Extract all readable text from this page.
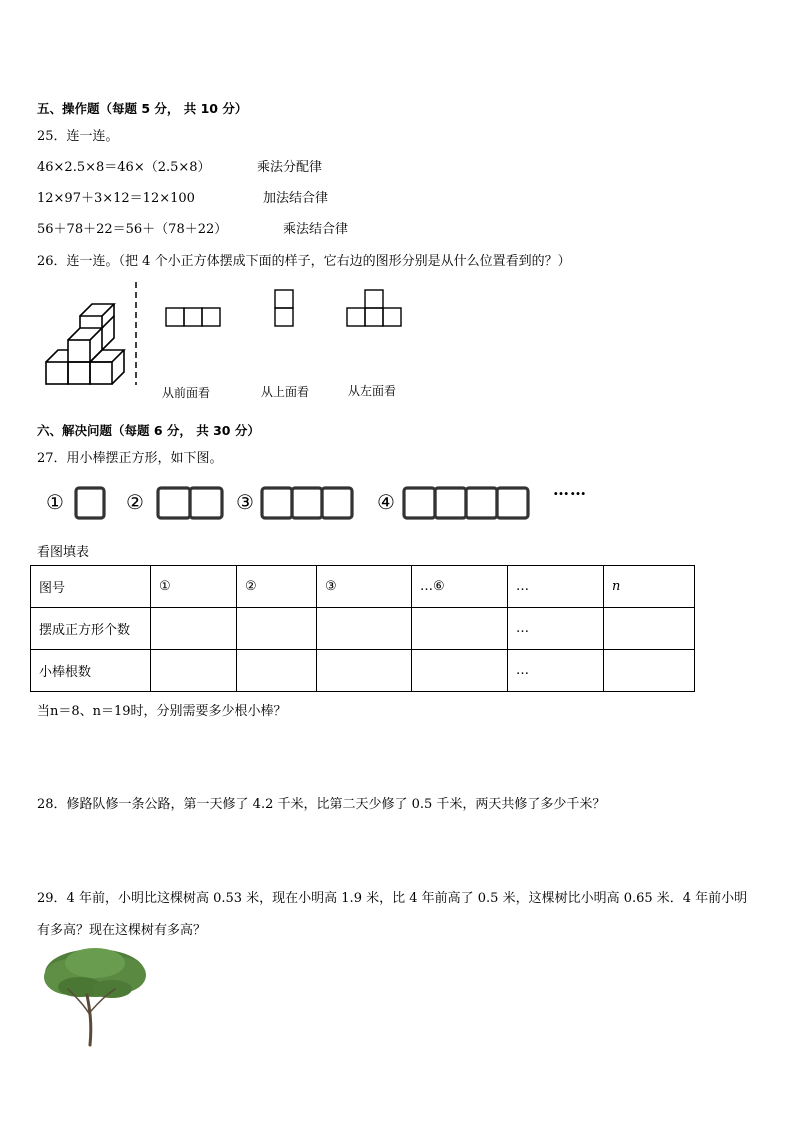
五、操作题（每题 5 分， 共 10 分）
25．连一连。
46×2.5×8＝46×（2.5×8）
12×97＋3×12＝12×100
56＋78＋22＝56＋（78＋22）
乘法分配律
加法结合律
乘法结合律
26．连一连。（把 4 个小正方体摆成下面的样子，它右边的图形分别是从什么位置看到的？）
从前面看	从上面看	从左面看
六、解决问题（每题 6 分， 共 30 分）
27．用小棒摆正方形，如下图。
①	②	③	④
……
看图填表
图号	①	②	③	…⑥	…	n
摆成正方形个数					…	
小棒根数					…	
当n＝8、n＝19时，分别需要多少根小棒？
28．修路队修一条公路，第一天修了 4.2 千米，比第二天少修了 0.5 千米，两天共修了多少千米？
29．4 年前，小明比这棵树高 0.53 米，现在小明高 1.9 米，比 4 年前高了 0.5 米，这棵树比小明高 0.65 米．4 年前小明
有多高？现在这棵树有多高？
